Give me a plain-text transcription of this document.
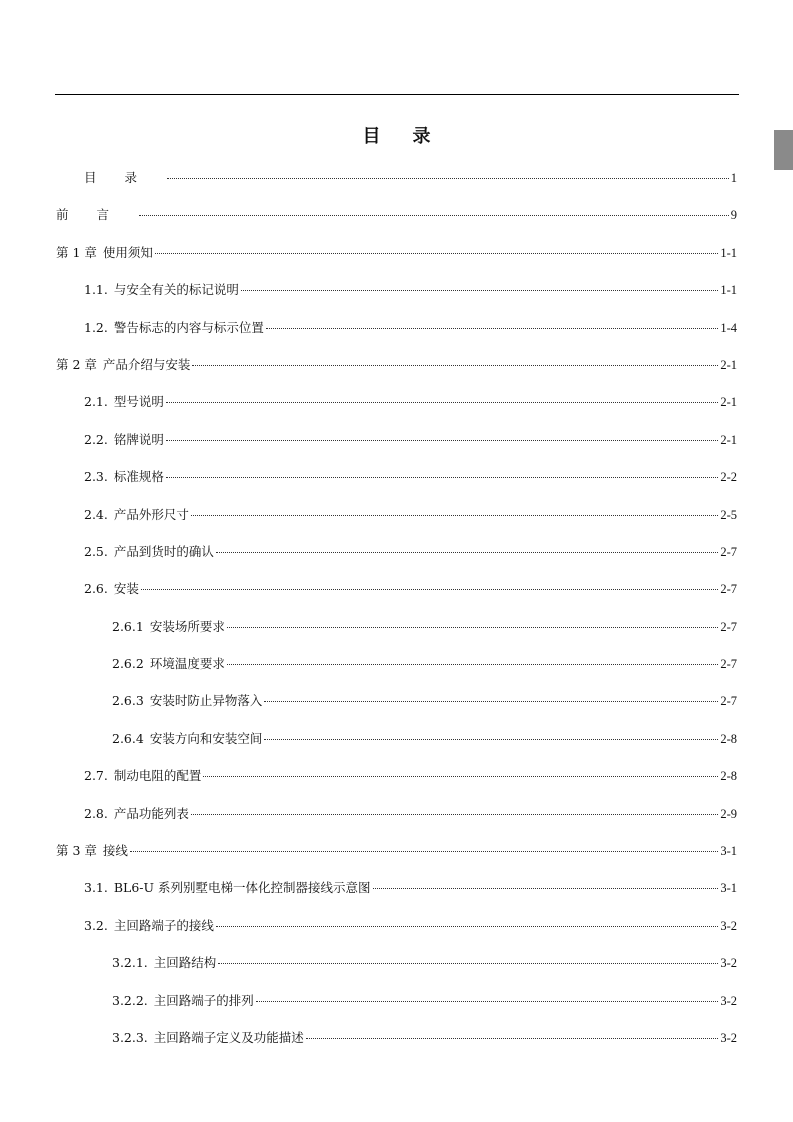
目录
目录	1
前言	9
第 1 章 使用须知	1-1
1.1. 与安全有关的标记说明	1-1
1.2. 警告标志的内容与标示位置	1-4
第 2 章 产品介绍与安装	2-1
2.1. 型号说明	2-1
2.2. 铭牌说明	2-1
2.3. 标准规格	2-2
2.4. 产品外形尺寸	2-5
2.5. 产品到货时的确认	2-7
2.6. 安装	2-7
2.6.1 安装场所要求	2-7
2.6.2 环境温度要求	2-7
2.6.3 安装时防止异物落入	2-7
2.6.4 安装方向和安装空间	2-8
2.7. 制动电阻的配置	2-8
2.8. 产品功能列表	2-9
第 3 章 接线	3-1
3.1. BL6-U 系列别墅电梯一体化控制器接线示意图	3-1
3.2. 主回路端子的接线	3-2
3.2.1. 主回路结构	3-2
3.2.2. 主回路端子的排列	3-2
3.2.3. 主回路端子定义及功能描述	3-2
